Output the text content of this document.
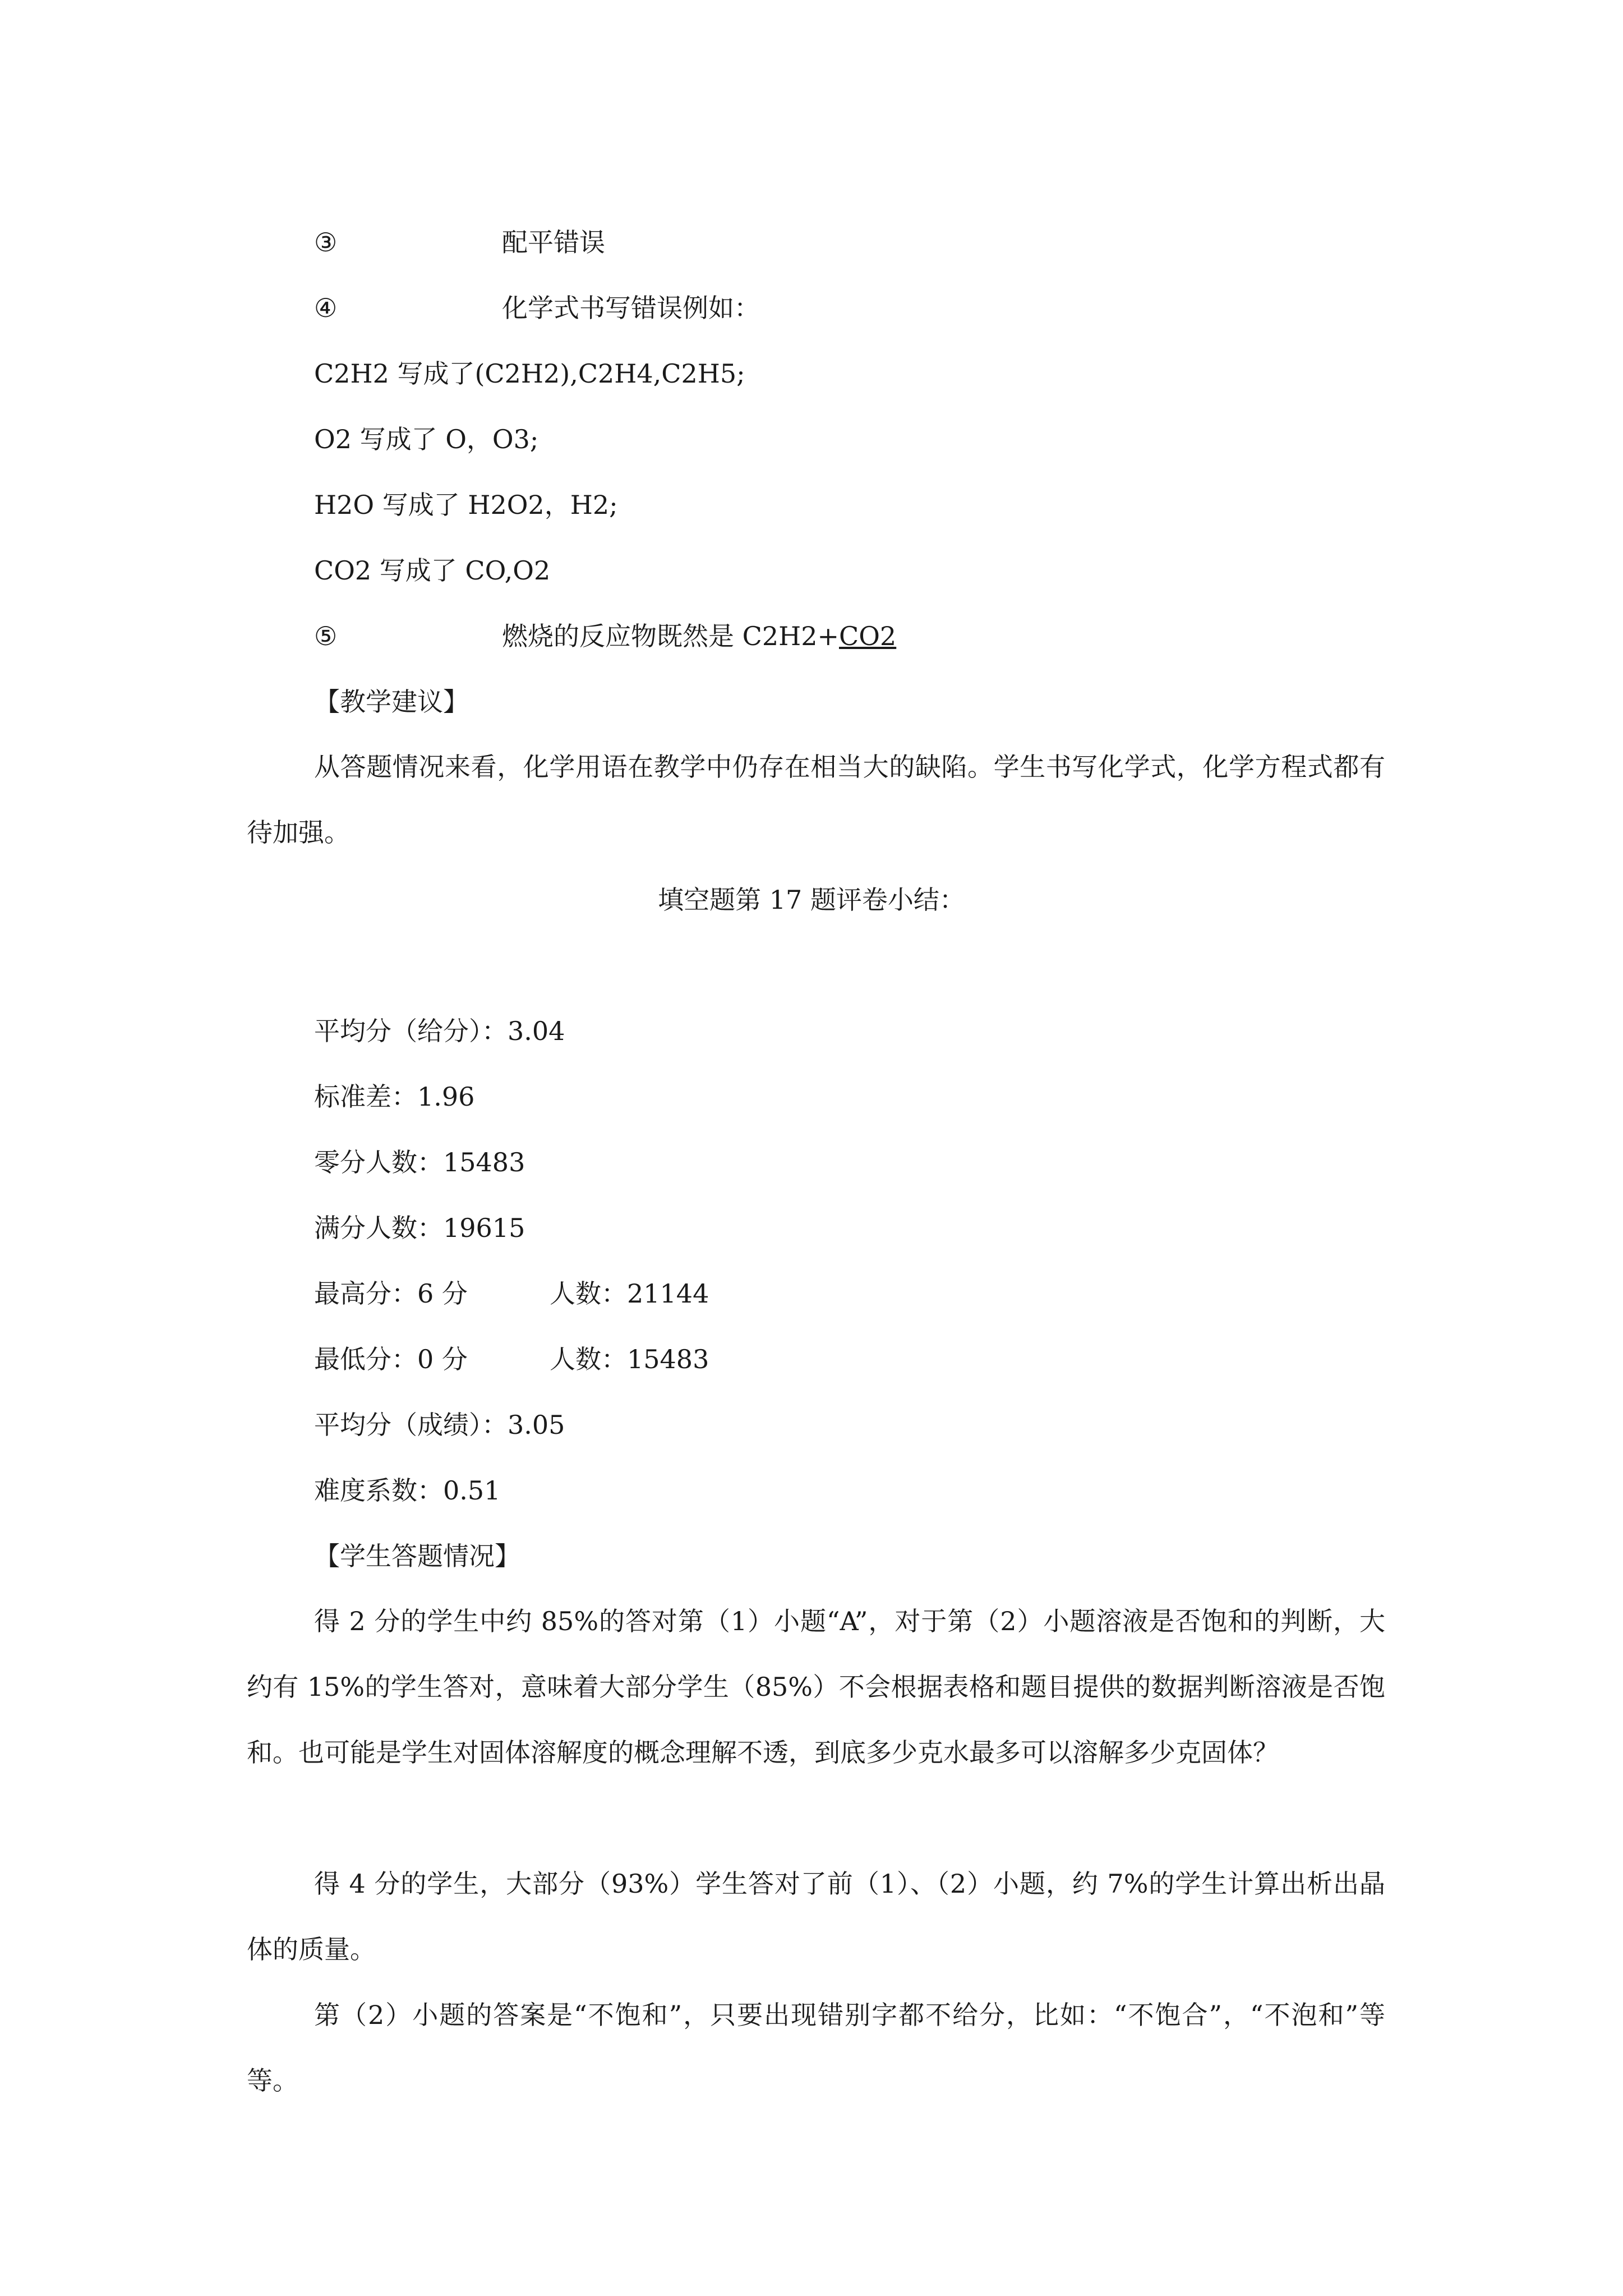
③	配平错误
④	化学式书写错误例如：
C2H2 写成了(C2H2),C2H4,C2H5;
O2 写成了 O，O3;
H2O 写成了 H2O2，H2;
CO2 写成了 CO,O2
⑤	燃烧的反应物既然是 C2H2+CO2
【教学建议】
从答题情况来看，化学用语在教学中仍存在相当大的缺陷。学生书写化学式，化学方程式都有待加强。
填空题第 17 题评卷小结：
平均分（给分）：3.04
标准差：1.96
零分人数：15483
满分人数：19615
最高分：6 分	人数：21144
最低分：0 分	人数：15483
平均分（成绩）：3.05
难度系数：0.51
【学生答题情况】
得 2 分的学生中约 85%的答对第（1）小题“A”，对于第（2）小题溶液是否饱和的判断，大约有 15%的学生答对，意味着大部分学生（85%）不会根据表格和题目提供的数据判断溶液是否饱和。也可能是学生对固体溶解度的概念理解不透，到底多少克水最多可以溶解多少克固体？
得 4 分的学生，大部分（93%）学生答对了前（1）、（2）小题，约 7%的学生计算出析出晶体的质量。
第（2）小题的答案是“不饱和”，只要出现错别字都不给分，比如：“不饱合”，“不泡和”等等。
